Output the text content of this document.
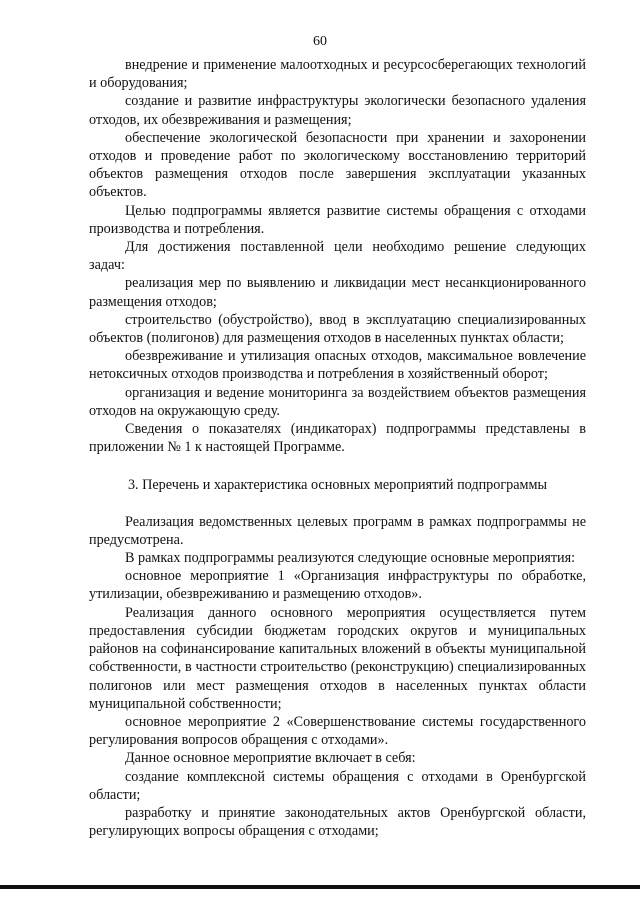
60

внедрение и применение малоотходных и ресурсосберегающих технологий и оборудования;

создание и развитие инфраструктуры экологически безопасного удаления отходов, их обезвреживания и размещения;

обеспечение экологической безопасности при хранении и захоронении отходов и проведение работ по экологическому восстановлению территорий объектов размещения отходов после завершения эксплуатации указанных объектов.

Целью подпрограммы является развитие системы обращения с отходами производства и потребления.

Для достижения поставленной цели необходимо решение следующих задач:

реализация мер по выявлению и ликвидации мест несанкционированного размещения отходов;

строительство (обустройство), ввод в эксплуатацию специализированных объектов (полигонов) для размещения отходов в населенных пунктах области;

обезвреживание и утилизация опасных отходов, максимальное вовлечение нетоксичных отходов производства и потребления в хозяйственный оборот;

организация и ведение мониторинга за воздействием объектов размещения отходов на окружающую среду.

Сведения о показателях (индикаторах) подпрограммы представлены в приложении № 1 к настоящей Программе.

3. Перечень и характеристика основных мероприятий подпрограммы

Реализация ведомственных целевых программ в рамках подпрограммы не предусмотрена.

В рамках подпрограммы реализуются следующие основные мероприятия:

основное мероприятие 1 «Организация инфраструктуры по обработке, утилизации, обезвреживанию и размещению отходов».

Реализация данного основного мероприятия осуществляется путем предоставления субсидии бюджетам городских округов и муниципальных районов на софинансирование капитальных вложений в объекты муниципальной собственности, в частности строительство (реконструкцию) специализированных полигонов или мест размещения отходов в населенных пунктах области муниципальной собственности;

основное мероприятие 2 «Совершенствование системы государственного регулирования вопросов обращения с отходами».

Данное основное мероприятие включает в себя:

создание комплексной системы обращения с отходами в Оренбургской области;

разработку и принятие законодательных актов Оренбургской области, регулирующих вопросы обращения с отходами;
